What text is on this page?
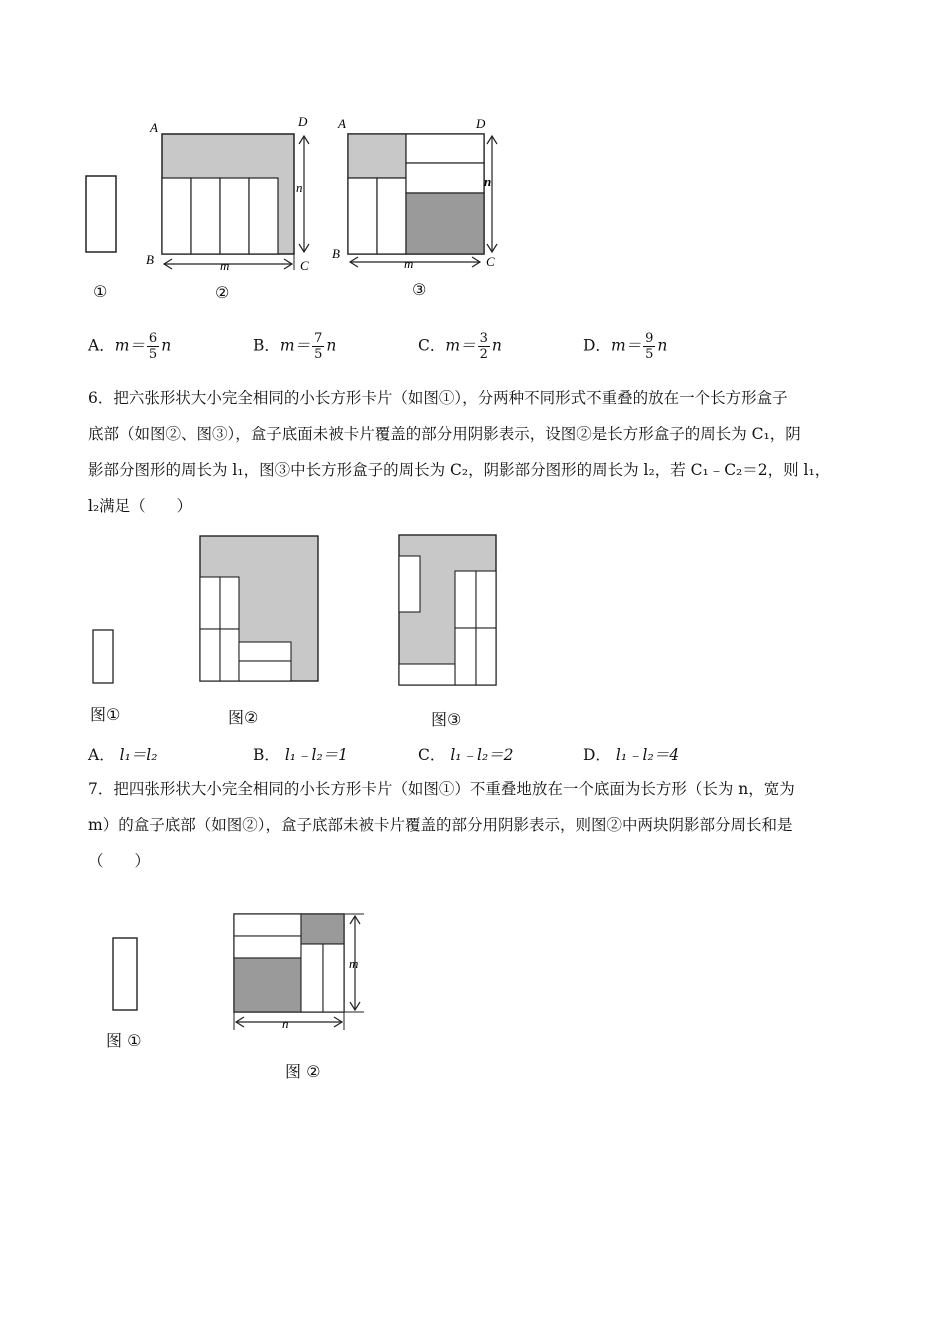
①
A	D
B	C
n
m
②
A	D
B
C
n
m
③
A．$m= \frac{6}{5}$ n	B．$m= \frac{7}{5}$ n	C．$m= \frac{3}{2}$ n	D．$m= \frac{9}{5}$ n
6．把六张形状大小完全相同的小长方形卡片（如图①），分两种不同形式不重叠的放在一个长方形盒子
底部（如图②、图③），盒子底面未被卡片覆盖的部分用阴影表示，设图②是长方形盒子的周长为 C₁，阴
影部分图形的周长为 l₁，图③中长方形盒子的周长为 C₂，阴影部分图形的周长为 l₂，若 C₁﹣C₂＝2，则 l₁，
l₂满足（　　）
图①	图②	图③
A． l₁＝l₂	B． l₁﹣l₂＝1	C． l₁﹣l₂＝2	D． l₁﹣l₂＝4
7．把四张形状大小完全相同的小长方形卡片（如图①）不重叠地放在一个底面为长方形（长为 n，宽为
m）的盒子底部（如图②），盒子底部未被卡片覆盖的部分用阴影表示，则图②中两块阴影部分周长和是
（　　）
图 ①
m
n
图 ②
